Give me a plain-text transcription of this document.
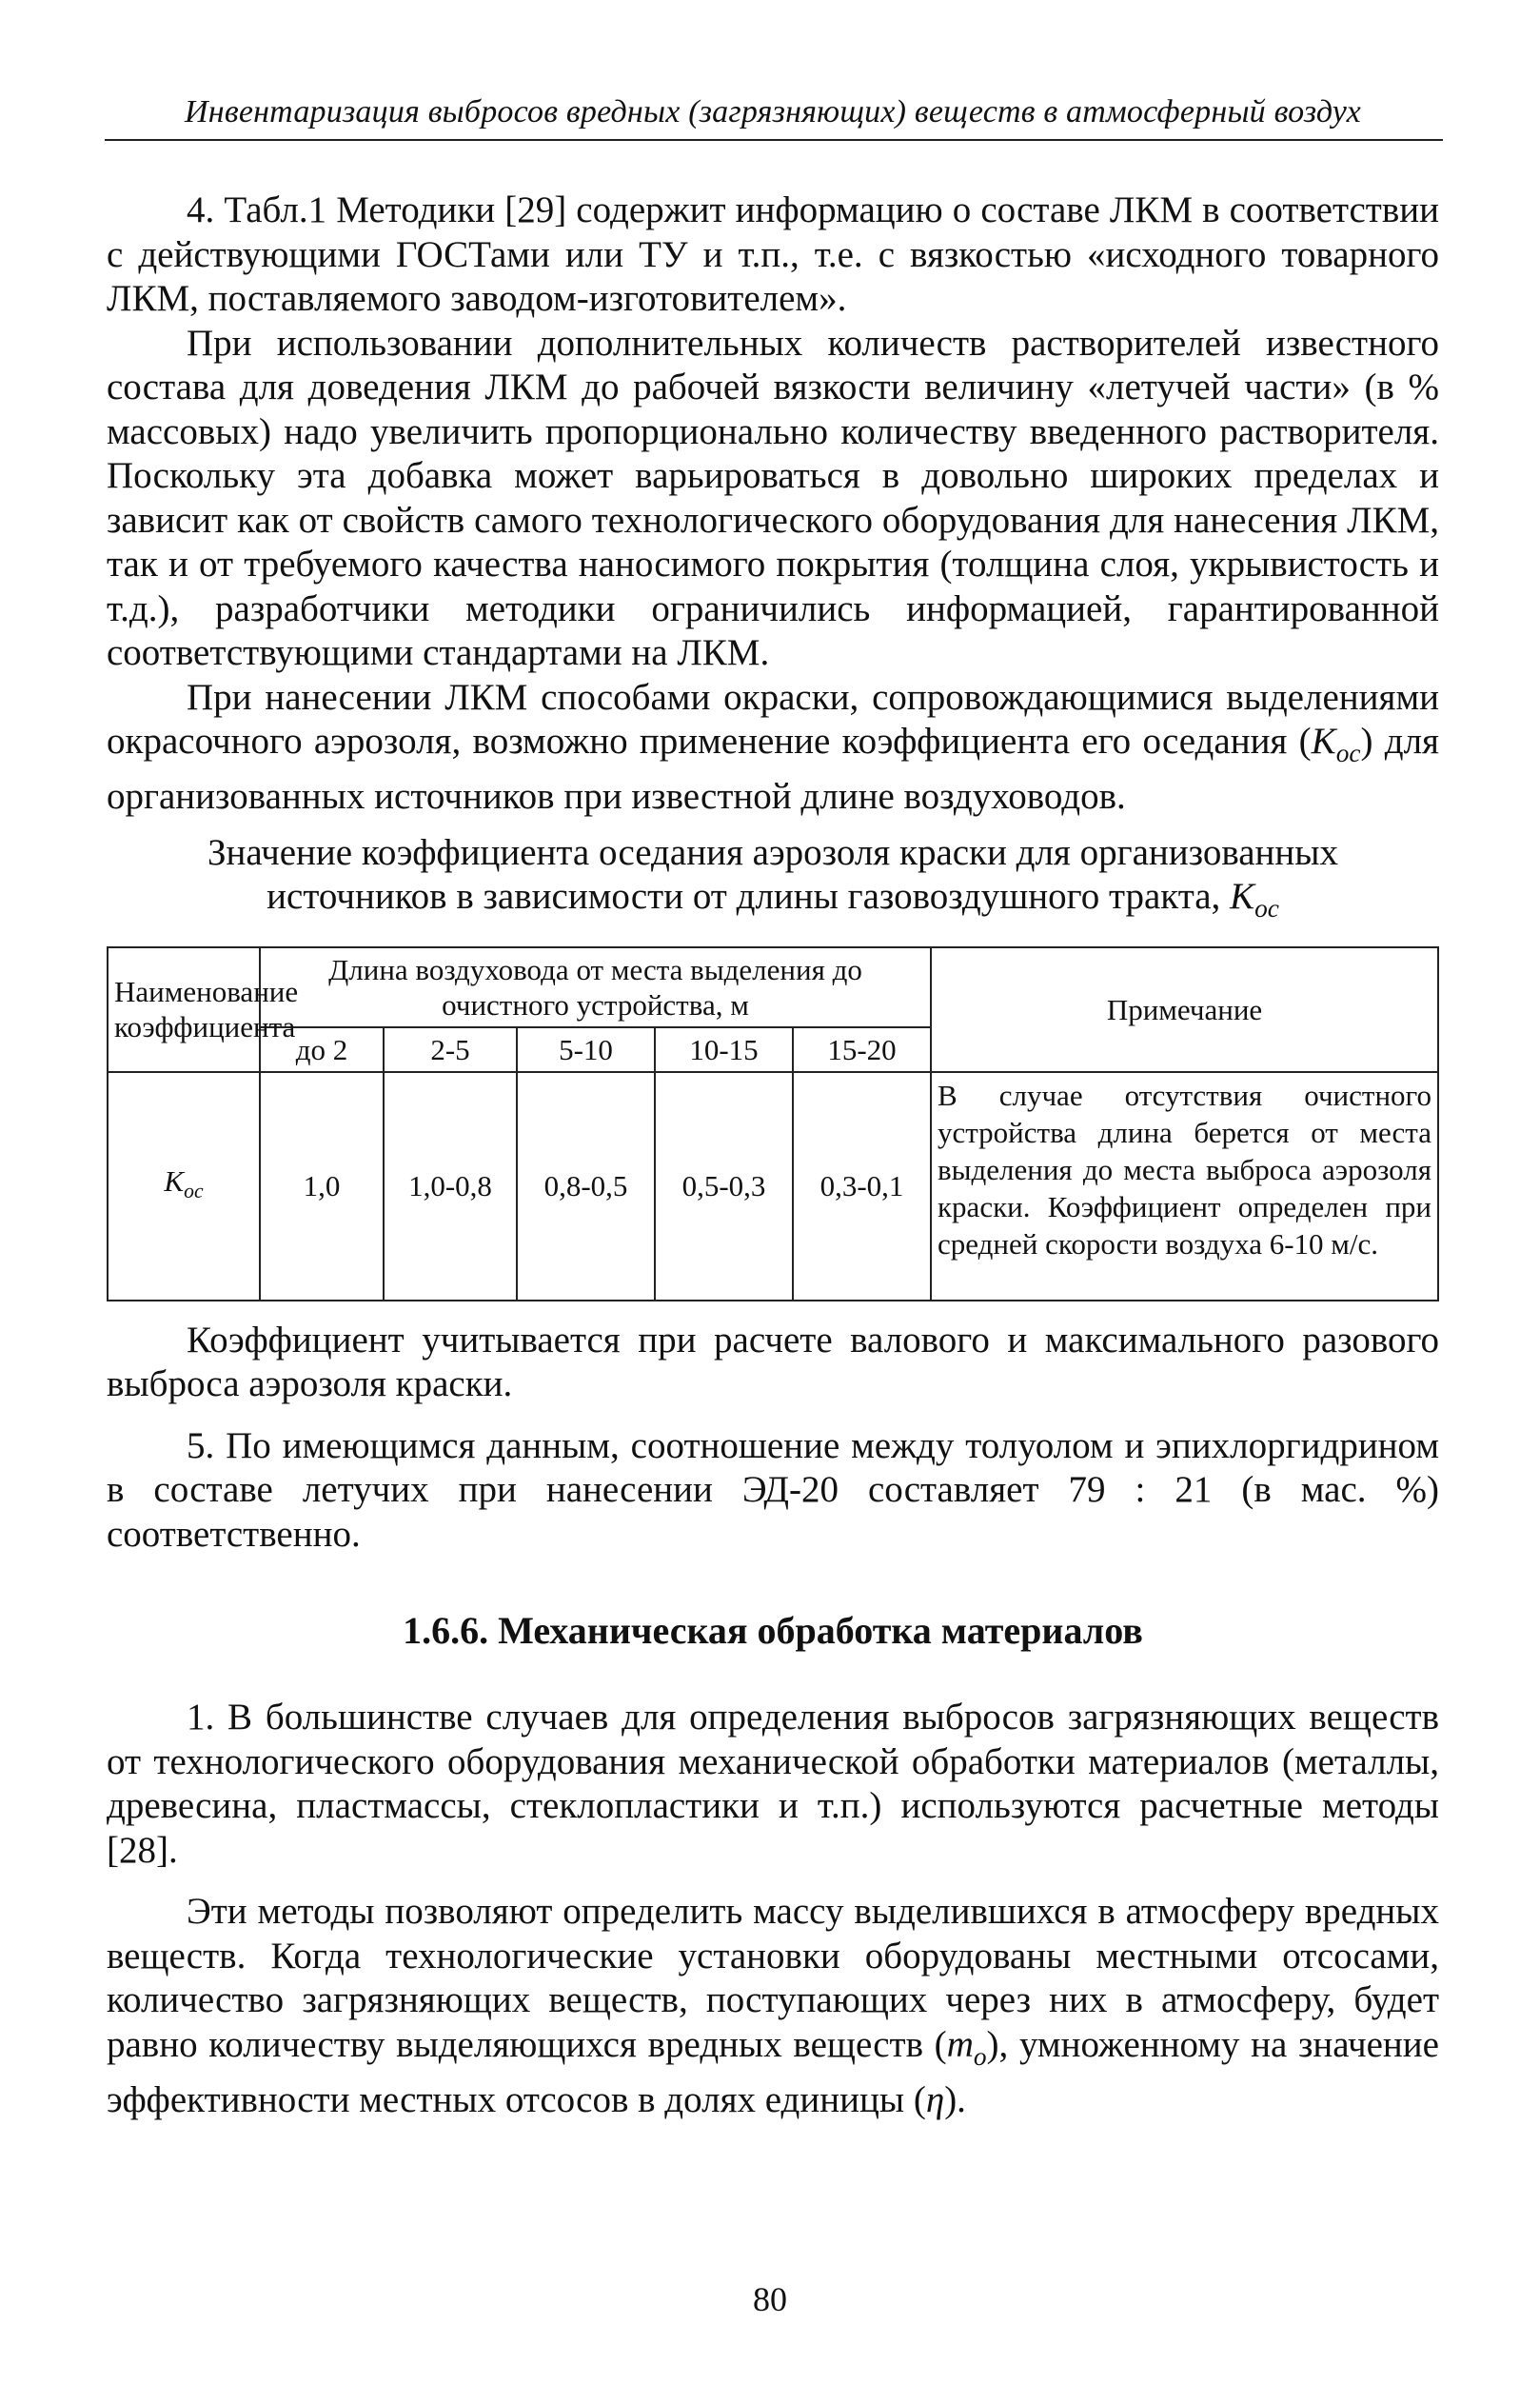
Инвентаризация выбросов вредных (загрязняющих) веществ в атмосферный воздух

4. Табл.1 Методики [29] содержит информацию о составе ЛКМ в соответствии с действующими ГОСТами или ТУ и т.п., т.е. с вязкостью «исходного товарного ЛКМ, поставляемого заводом-изготовителем».

При использовании дополнительных количеств растворителей известного состава для доведения ЛКМ до рабочей вязкости величину «летучей части» (в % массовых) надо увеличить пропорционально количеству введенного растворителя. Поскольку эта добавка может варьироваться в довольно широких пределах и зависит как от свойств самого технологического оборудования для нанесения ЛКМ, так и от требуемого качества наносимого покрытия (толщина слоя, укрывистость и т.д.), разработчики методики ограничились информацией, гарантированной соответствующими стандартами на ЛКМ.

При нанесении ЛКМ способами окраски, сопровождающимися выделениями окрасочного аэрозоля, возможно применение коэффициента его оседания $(K_{ос})$ для организованных источников при известной длине воздуховодов.

Значение коэффициента оседания аэрозоля краски для организованных источников в зависимости от длины газовоздушного тракта, $K_{ос}$
Наименование коэффициента	Длина воздуховода от места выделения до очистного устройства, м					Примечание
	до 2	2-5	5-10	10-15	15-20	
$K_{ос}$	1,0	1,0-0,8	0,8-0,5	0,5-0,3	0,3-0,1	В случае отсутствия очистного устройства длина берется от места выделения до места выброса аэрозоля краски. Коэффициент определен при средней скорости воздуха 6-10 м/с.

Коэффициент учитывается при расчете валового и максимального разового выброса аэрозоля краски.

5. По имеющимся данным, соотношение между толуолом и эпихлоргидрином в составе летучих при нанесении ЭД-20 составляет 79 : 21 (в мас. %) соответственно.

1.6.6. Механическая обработка материалов

1. В большинстве случаев для определения выбросов загрязняющих веществ от технологического оборудования механической обработки материалов (металлы, древесина, пластмассы, стеклопластики и т.п.) используются расчетные методы [28].

Эти методы позволяют определить массу выделившихся в атмосферу вредных веществ. Когда технологические установки оборудованы местными отсосами, количество загрязняющих веществ, поступающих через них в атмосферу, будет равно количеству выделяющихся вредных веществ $(m_o)$, умноженному на значение эффективности местных отсосов в долях единицы (η).

80
